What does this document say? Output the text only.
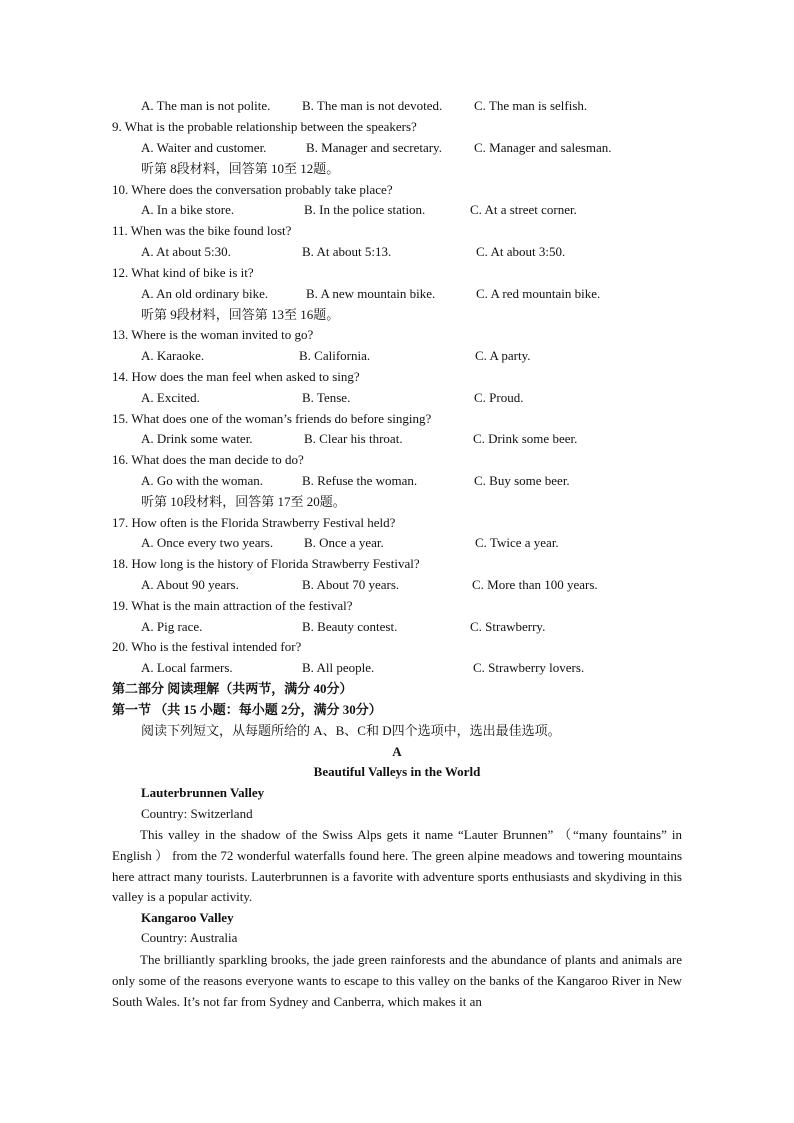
A. The man is not polite. B. The man is not devoted. C. The man is selfish.
9. What is the probable relationship between the speakers?
A. Waiter and customer.	B. Manager and secretary. C. Manager and salesman.
听第 8段材料，回答第 10至 12题。
10. Where does the conversation probably take place?
A. In a bike store.	B. In the police station.	C. At a street corner.
11. When was the bike found lost?
A. At about 5:30.	B. At about 5:13.	C. At about 3:50.
12. What kind of bike is it?
A. An old ordinary bike.	B. A new mountain bike.	C. A red mountain bike.
听第 9段材料，回答第 13至 16题。
13. Where is the woman invited to go?
A. Karaoke.	B. California.	C. A party.
14. How does the man feel when asked to sing?
A. Excited.	B. Tense.	C. Proud.
15. What does one of the woman’s friends do before singing?
A. Drink some water.	B. Clear his throat.	C. Drink some beer.
16. What does the man decide to do?
A. Go with the woman.	B. Refuse the woman.	C. Buy some beer.
听第 10段材料，回答第 17至 20题。
17. How often is the Florida Strawberry Festival held?
A. Once every two years. B. Once a year.	C. Twice a year.
18. How long is the history of Florida Strawberry Festival?
A. About 90 years.	B. About 70 years.	C. More than 100 years.
19. What is the main attraction of the festival?
A. Pig race.	B. Beauty contest.	C. Strawberry.
20. Who is the festival intended for?
A. Local farmers.	B. All people.	C. Strawberry lovers.
第二部分 阅读理解（共两节，满分 40分）
第一节 （共 15 小题：每小题 2分，满分 30分）
阅读下列短文，从每题所给的 A、B、C和 D四个选项中，选出最佳选项。
A
Beautiful Valleys in the World
Lauterbrunnen Valley
Country: Switzerland
This valley in the shadow of the Swiss Alps gets it name “Lauter Brunnen” （“many fountains” in English ） from the 72 wonderful waterfalls found here. The green alpine meadows and towering mountains here attract many tourists. Lauterbrunnen is a favorite with adventure sports enthusiasts and skydiving in this valley is a popular activity.
Kangaroo Valley
Country: Australia
The brilliantly sparkling brooks, the jade green rainforests and the abundance of plants and animals are only some of the reasons everyone wants to escape to this valley on the banks of the Kangaroo River in New South Wales. It’s not far from Sydney and Canberra, which makes it an
